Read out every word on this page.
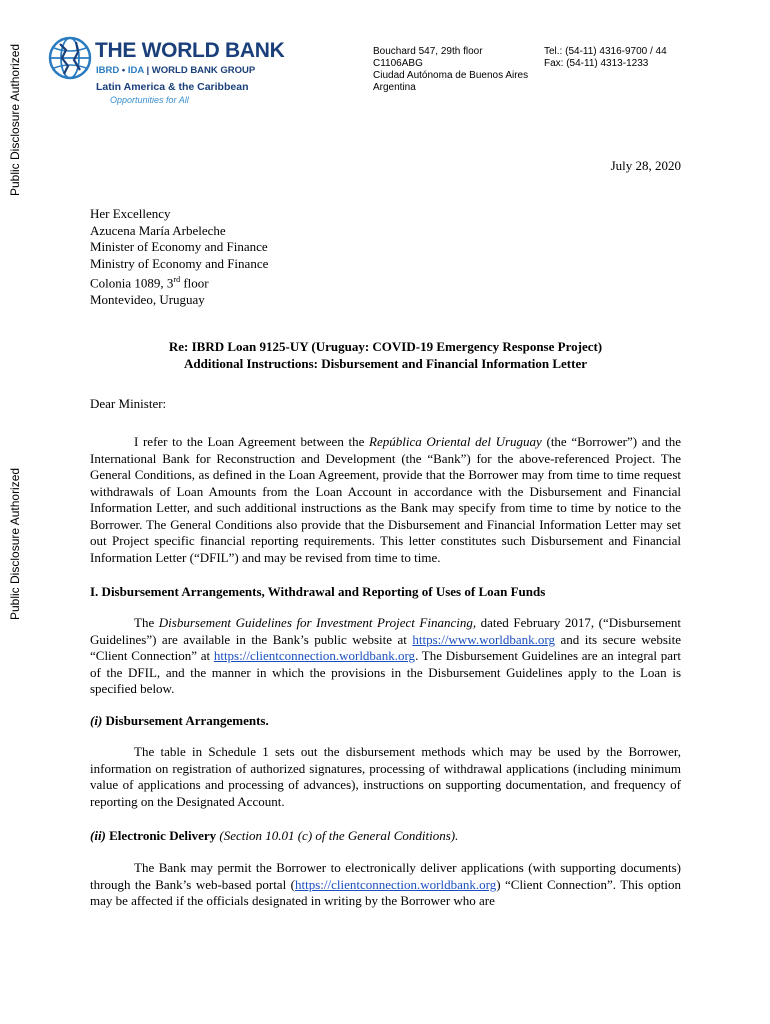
Public Disclosure Authorized
Public Disclosure Authorized
THE WORLD BANK
IBRD • IDA | WORLD BANK GROUP
Latin America & the Caribbean
Opportunities for All
Bouchard 547, 29th floor
C1106ABG
Ciudad Autónoma de Buenos Aires
Argentina
Tel.: (54-11) 4316-9700 / 44
Fax: (54-11) 4313-1233
July 28, 2020
Her Excellency
Azucena María Arbeleche
Minister of Economy and Finance
Ministry of Economy and Finance
Colonia 1089, 3rd floor
Montevideo, Uruguay
Re: IBRD Loan 9125-UY (Uruguay: COVID-19 Emergency Response Project)
Additional Instructions: Disbursement and Financial Information Letter
Dear Minister:
I refer to the Loan Agreement between the República Oriental del Uruguay (the “Borrower”) and the International Bank for Reconstruction and Development (the “Bank”) for the above-referenced Project. The General Conditions, as defined in the Loan Agreement, provide that the Borrower may from time to time request withdrawals of Loan Amounts from the Loan Account in accordance with the Disbursement and Financial Information Letter, and such additional instructions as the Bank may specify from time to time by notice to the Borrower. The General Conditions also provide that the Disbursement and Financial Information Letter may set out Project specific financial reporting requirements. This letter constitutes such Disbursement and Financial Information Letter (“DFIL”) and may be revised from time to time.
I. Disbursement Arrangements, Withdrawal and Reporting of Uses of Loan Funds
The Disbursement Guidelines for Investment Project Financing, dated February 2017, (“Disbursement Guidelines”) are available in the Bank’s public website at https://www.worldbank.org and its secure website “Client Connection” at https://clientconnection.worldbank.org. The Disbursement Guidelines are an integral part of the DFIL, and the manner in which the provisions in the Disbursement Guidelines apply to the Loan is specified below.
(i) Disbursement Arrangements.
The table in Schedule 1 sets out the disbursement methods which may be used by the Borrower, information on registration of authorized signatures, processing of withdrawal applications (including minimum value of applications and processing of advances), instructions on supporting documentation, and frequency of reporting on the Designated Account.
(ii) Electronic Delivery (Section 10.01 (c) of the General Conditions).
The Bank may permit the Borrower to electronically deliver applications (with supporting documents) through the Bank’s web-based portal (https://clientconnection.worldbank.org) “Client Connection”. This option may be affected if the officials designated in writing by the Borrower who are
